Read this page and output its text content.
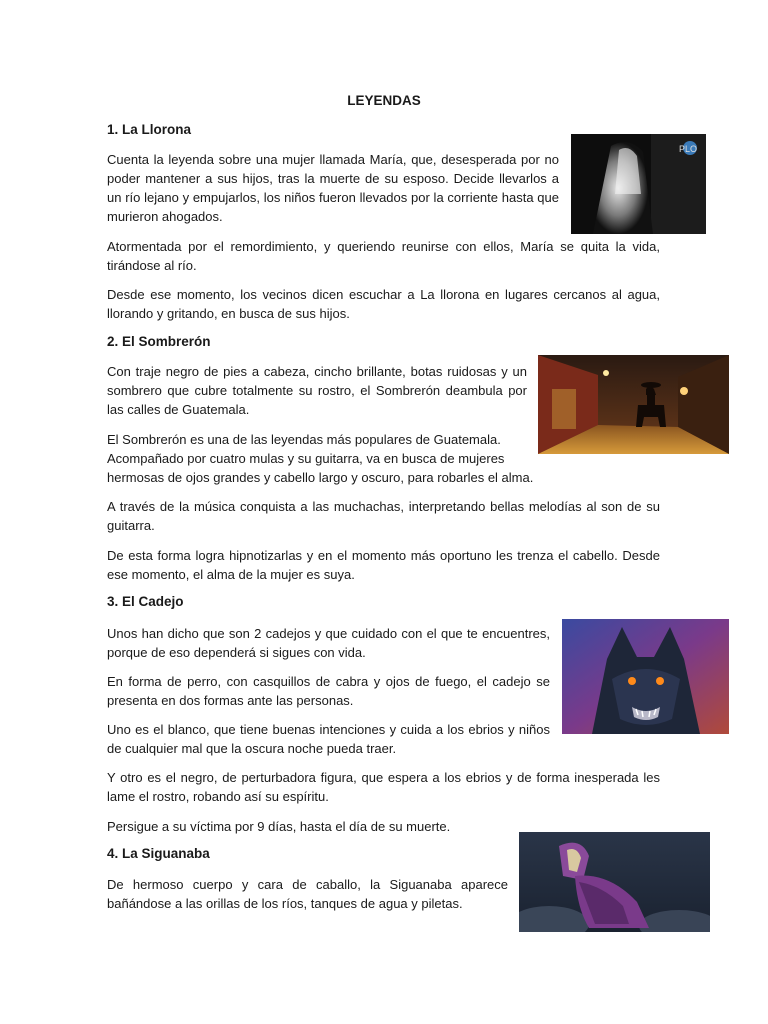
LEYENDAS
1. La Llorona

Cuenta la leyenda sobre una mujer llamada María, que, desesperada por no poder mantener a sus hijos, tras la muerte de su esposo. Decide llevarlos a un río lejano y empujarlos, los niños fueron llevados por la corriente hasta que murieron ahogados.

Atormentada por el remordimiento, y queriendo reunirse con ellos, María se quita la vida, tirándose al río.

Desde ese momento, los vecinos dicen escuchar a La llorona en lugares cercanos al agua, llorando y gritando, en busca de sus hijos.

PLO
2. El Sombrerón

Con traje negro de pies a cabeza, cincho brillante, botas ruidosas y un sombrero que cubre totalmente su rostro, el Sombrerón deambula por las calles de Guatemala.

El Sombrerón es una de las leyendas más populares de Guatemala. Acompañado por cuatro mulas y su guitarra, va en busca de mujeres hermosas de ojos grandes y cabello largo y oscuro, para robarles el alma.

A través de la música conquista a las muchachas, interpretando bellas melodías al son de su guitarra.

De esta forma logra hipnotizarlas y en el momento más oportuno les trenza el cabello. Desde ese momento, el alma de la mujer es suya.

3. El Cadejo

Unos han dicho que son 2 cadejos y que cuidado con el que te encuentres, porque de eso dependerá si sigues con vida.

En forma de perro, con casquillos de cabra y ojos de fuego, el cadejo se presenta en dos formas ante las personas.

Uno es el blanco, que tiene buenas intenciones y cuida a los ebrios y niños de cualquier mal que la oscura noche pueda traer.

Y otro es el negro, de perturbadora figura, que espera a los ebrios y de forma inesperada les lame el rostro, robando así su espíritu.

Persigue a su víctima por 9 días, hasta el día de su muerte.

4. La Siguanaba

De hermoso cuerpo y cara de caballo, la Siguanaba aparece bañándose a las orillas de los ríos, tanques de agua y piletas.
